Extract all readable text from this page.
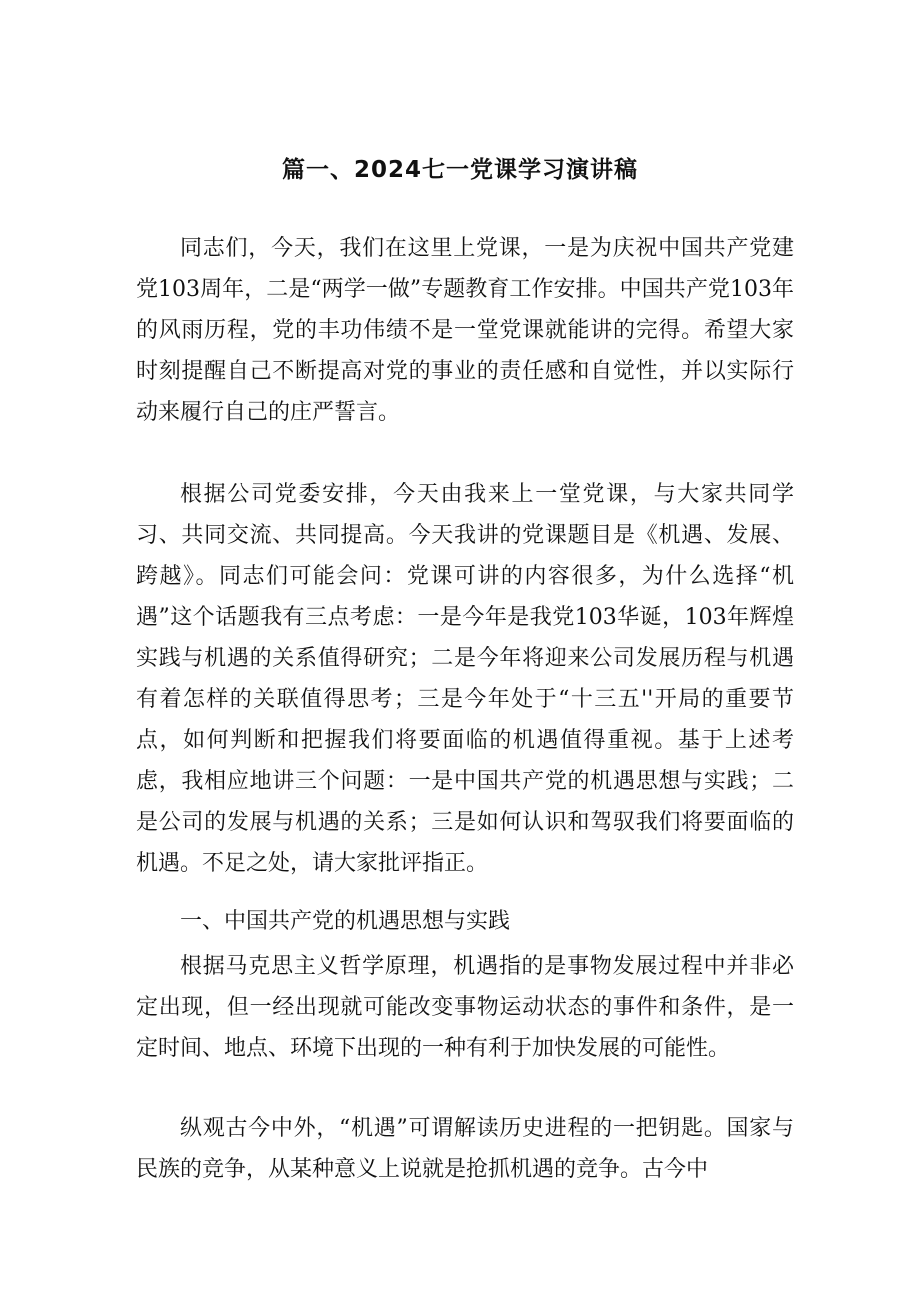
篇一、2024七一党课学习演讲稿

同志们，今天，我们在这里上党课，一是为庆祝中国共产党建党103周年，二是“两学一做”专题教育工作安排。中国共产党103年的风雨历程，党的丰功伟绩不是一堂党课就能讲的完得。希望大家时刻提醒自己不断提高对党的事业的责任感和自觉性，并以实际行动来履行自己的庄严誓言。

根据公司党委安排，今天由我来上一堂党课，与大家共同学习、共同交流、共同提高。今天我讲的党课题目是《机遇、发展、跨越》。同志们可能会问：党课可讲的内容很多，为什么选择“机遇”这个话题我有三点考虑：一是今年是我党103华诞，103年辉煌实践与机遇的关系值得研究；二是今年将迎来公司发展历程与机遇有着怎样的关联值得思考；三是今年处于“十三五''开局的重要节点，如何判断和把握我们将要面临的机遇值得重视。基于上述考虑，我相应地讲三个问题：一是中国共产党的机遇思想与实践；二是公司的发展与机遇的关系；三是如何认识和驾驭我们将要面临的机遇。不足之处，请大家批评指正。

一、中国共产党的机遇思想与实践

根据马克思主义哲学原理，机遇指的是事物发展过程中并非必定出现，但一经出现就可能改变事物运动状态的事件和条件，是一定时间、地点、环境下出现的一种有利于加快发展的可能性。

纵观古今中外，“机遇”可谓解读历史进程的一把钥匙。国家与民族的竞争，从某种意义上说就是抢抓机遇的竞争。古今中
